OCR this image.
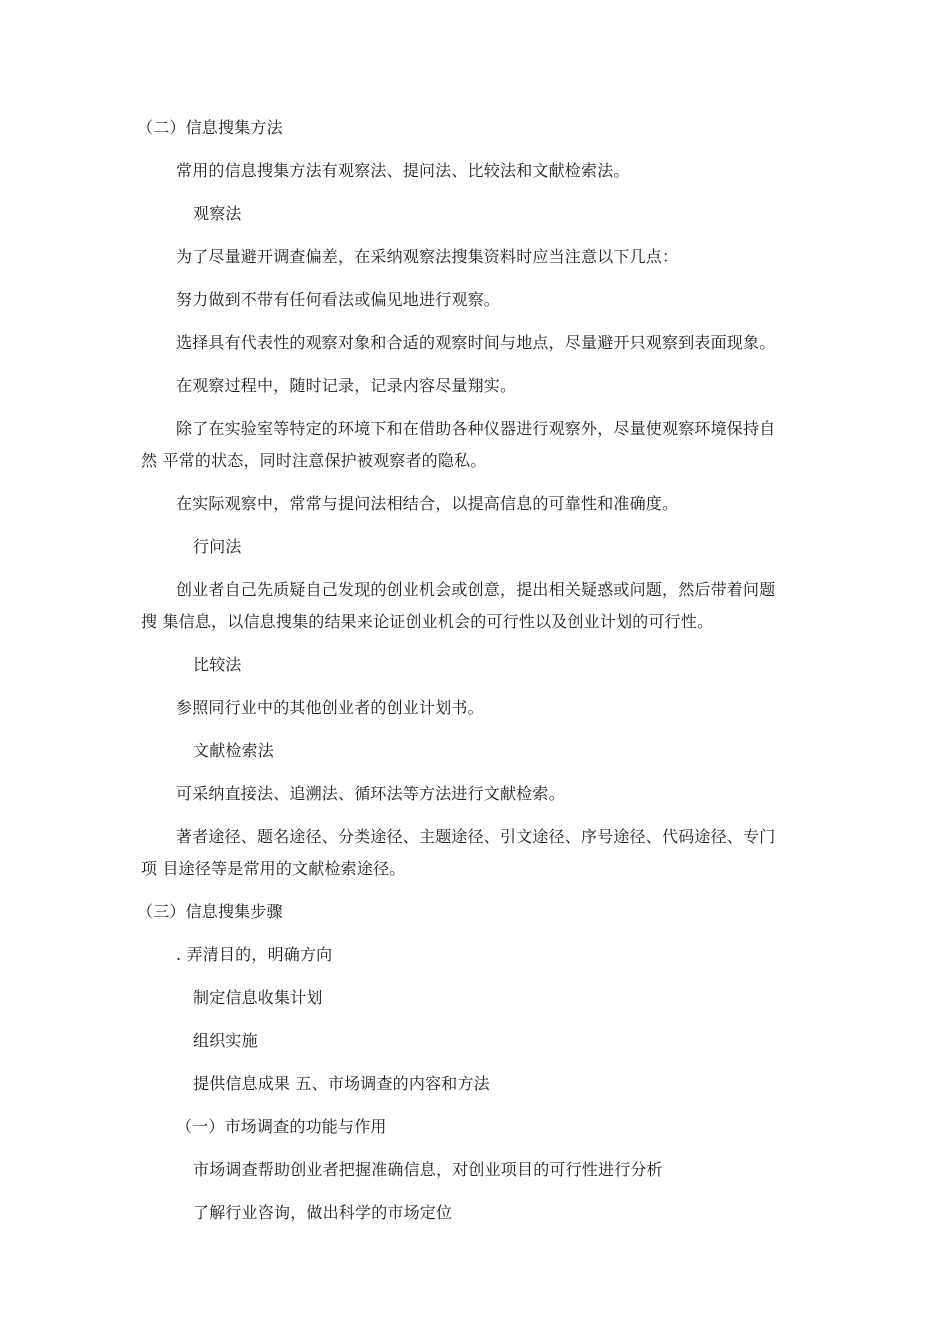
（二）信息搜集方法
常用的信息搜集方法有观察法、提问法、比较法和文献检索法。
观察法
为了尽量避开调查偏差，在采纳观察法搜集资料时应当注意以下几点：
努力做到不带有任何看法或偏见地进行观察。
选择具有代表性的观察对象和合适的观察时间与地点，尽量避开只观察到表面现象。
在观察过程中，随时记录，记录内容尽量翔实。
除了在实验室等特定的环境下和在借助各种仪器进行观察外，尽量使观察环境保持自
然 平常的状态，同时注意保护被观察者的隐私。
在实际观察中，常常与提问法相结合，以提高信息的可靠性和准确度。
行问法
创业者自己先质疑自己发现的创业机会或创意，提出相关疑惑或问题，然后带着问题
搜 集信息，以信息搜集的结果来论证创业机会的可行性以及创业计划的可行性。
比较法
参照同行业中的其他创业者的创业计划书。
文献检索法
可采纳直接法、追溯法、循环法等方法进行文献检索。
著者途径、题名途径、分类途径、主题途径、引文途径、序号途径、代码途径、专门
项 目途径等是常用的文献检索途径。
（三）信息搜集步骤
. 弄清目的，明确方向
制定信息收集计划
组织实施
提供信息成果 五、市场调查的内容和方法
（一）市场调查的功能与作用
市场调查帮助创业者把握准确信息，对创业项目的可行性进行分析
了解行业咨询，做出科学的市场定位
